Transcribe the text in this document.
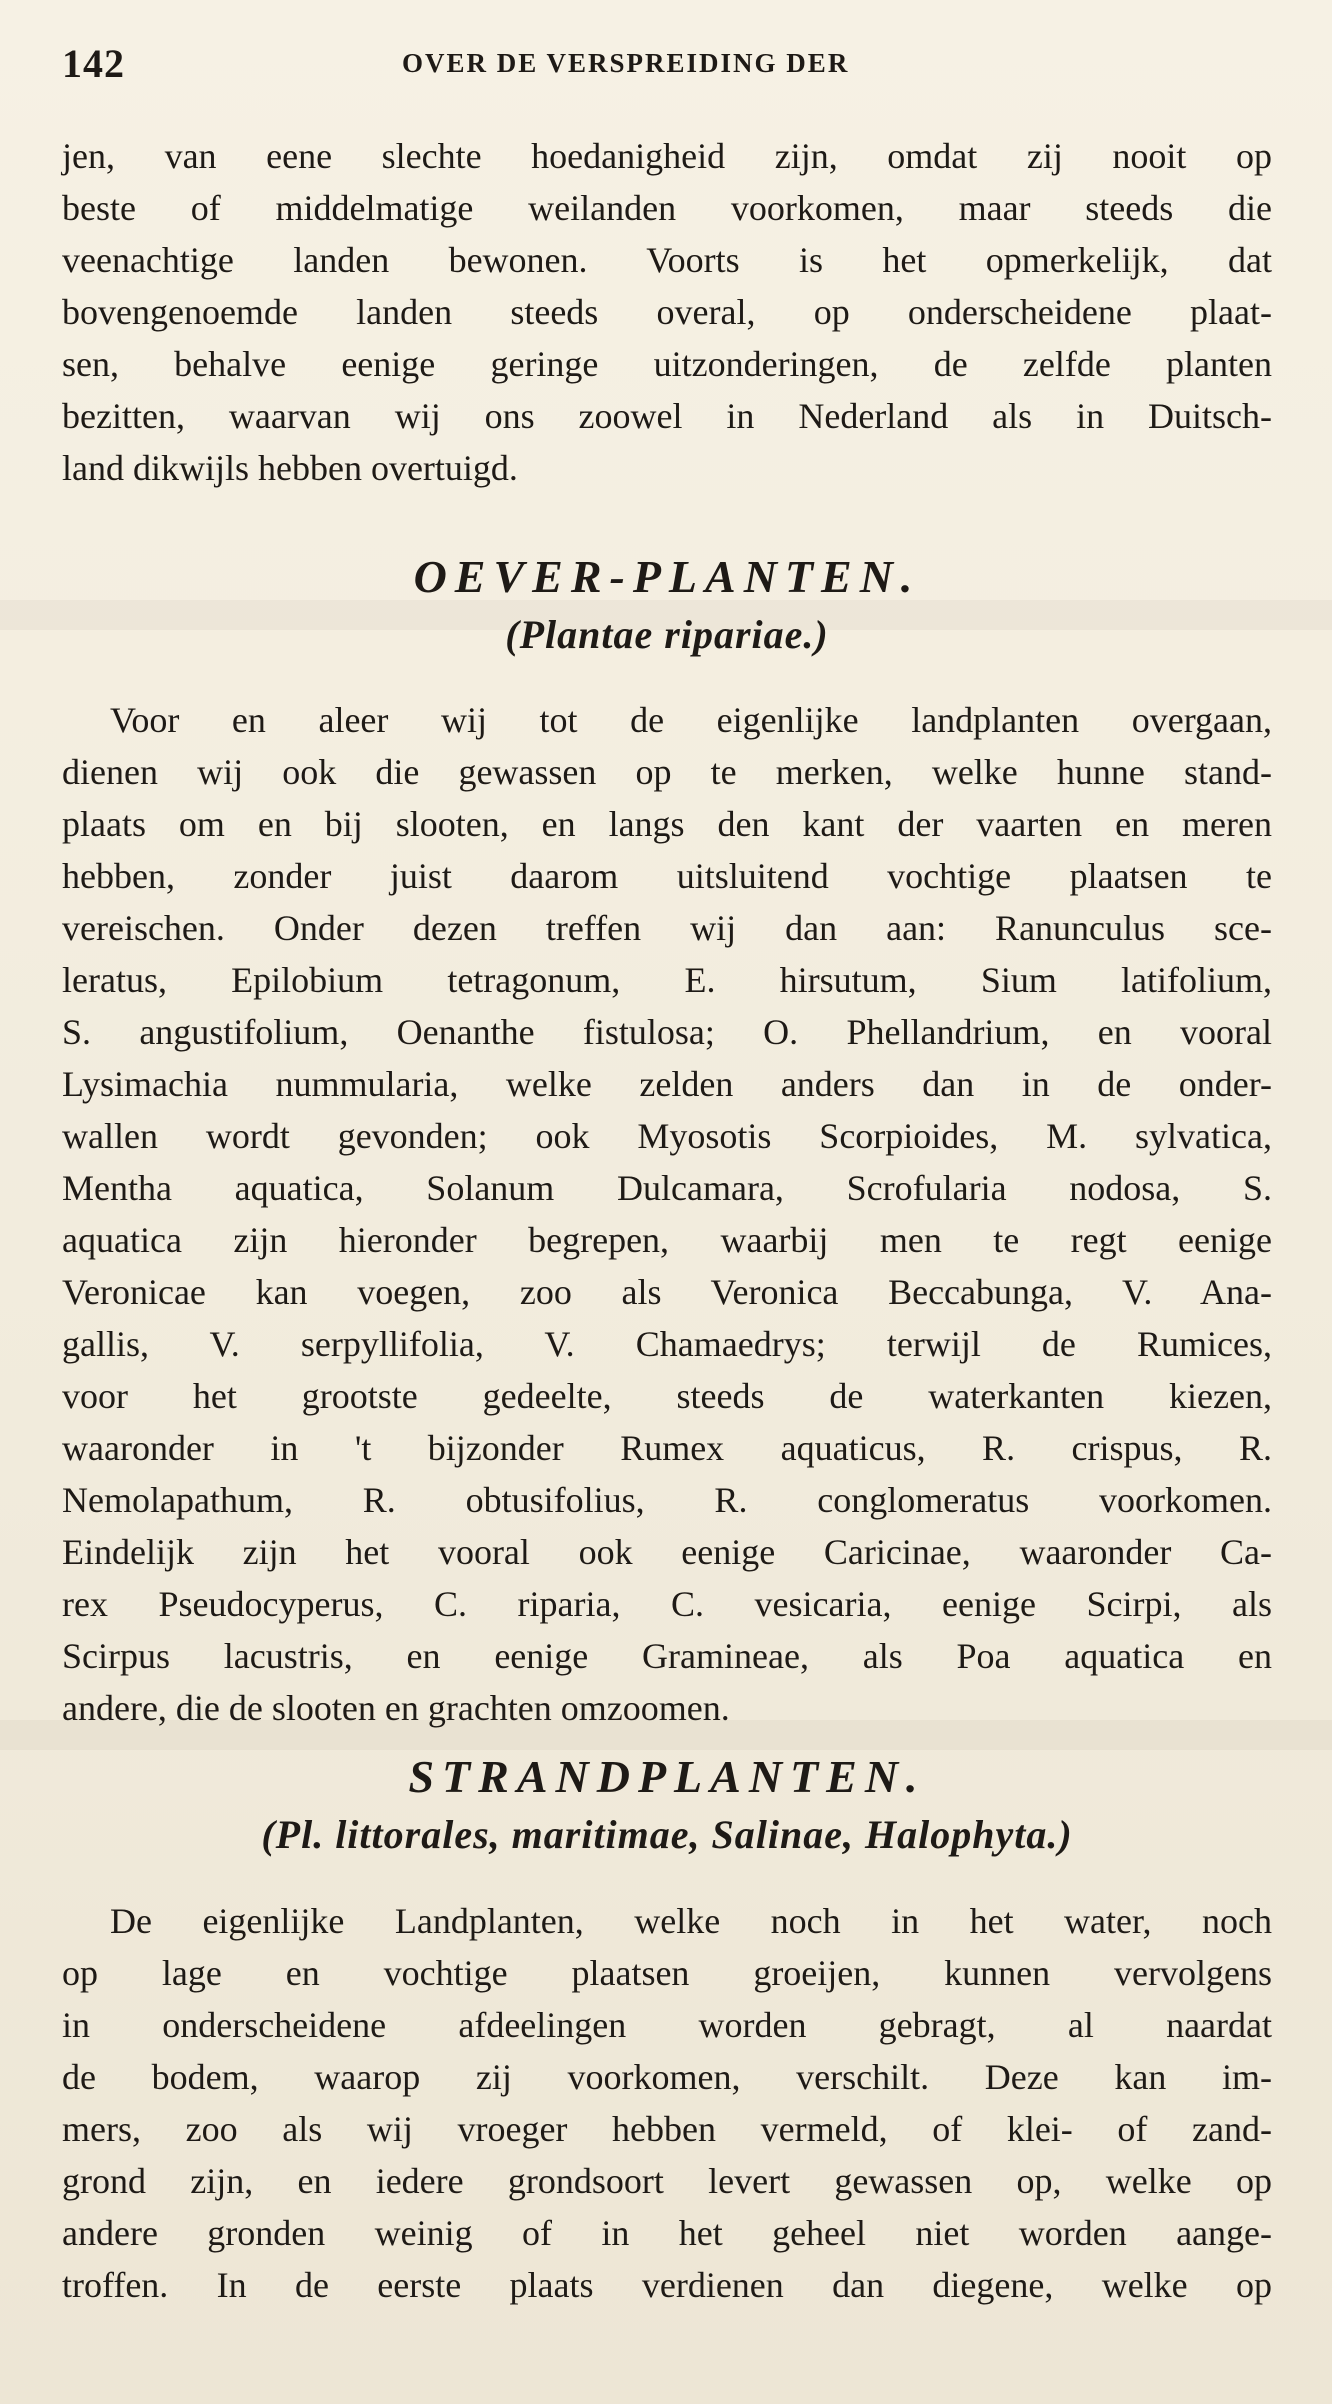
142	OVER DE VERSPREIDING DER
jen, van eene slechte hoedanigheid zijn, omdat zij nooit op
beste of middelmatige weilanden voorkomen, maar steeds die
veenachtige landen bewonen. Voorts is het opmerkelijk, dat
bovengenoemde landen steeds overal, op onderscheidene plaat-
sen, behalve eenige geringe uitzonderingen, de zelfde planten
bezitten, waarvan wij ons zoowel in Nederland als in Duitsch-
land dikwijls hebben overtuigd.
OEVER-PLANTEN.
(Plantae ripariae.)
Voor en aleer wij tot de eigenlijke landplanten overgaan,
dienen wij ook die gewassen op te merken, welke hunne stand-
plaats om en bij slooten, en langs den kant der vaarten en meren
hebben, zonder juist daarom uitsluitend vochtige plaatsen te
vereischen. Onder dezen treffen wij dan aan: Ranunculus sce-
leratus, Epilobium tetragonum, E. hirsutum, Sium latifolium,
S. angustifolium, Oenanthe fistulosa; O. Phellandrium, en vooral
Lysimachia nummularia, welke zelden anders dan in de onder-
wallen wordt gevonden; ook Myosotis Scorpioides, M. sylvatica,
Mentha aquatica, Solanum Dulcamara, Scrofularia nodosa, S.
aquatica zijn hieronder begrepen, waarbij men te regt eenige
Veronicae kan voegen, zoo als Veronica Beccabunga, V. Ana-
gallis, V. serpyllifolia, V. Chamaedrys; terwijl de Rumices,
voor het grootste gedeelte, steeds de waterkanten kiezen,
waaronder in 't bijzonder Rumex aquaticus, R. crispus, R.
Nemolapathum, R. obtusifolius, R. conglomeratus voorkomen.
Eindelijk zijn het vooral ook eenige Caricinae, waaronder Ca-
rex Pseudocyperus, C. riparia, C. vesicaria, eenige Scirpi, als
Scirpus lacustris, en eenige Gramineae, als Poa aquatica en
andere, die de slooten en grachten omzoomen.
STRANDPLANTEN.
(Pl. littorales, maritimae, Salinae, Halophyta.)
De eigenlijke Landplanten, welke noch in het water, noch
op lage en vochtige plaatsen groeijen, kunnen vervolgens
in onderscheidene afdeelingen worden gebragt, al naardat
de bodem, waarop zij voorkomen, verschilt. Deze kan im-
mers, zoo als wij vroeger hebben vermeld, of klei- of zand-
grond zijn, en iedere grondsoort levert gewassen op, welke op
andere gronden weinig of in het geheel niet worden aange-
troffen. In de eerste plaats verdienen dan diegene, welke op
